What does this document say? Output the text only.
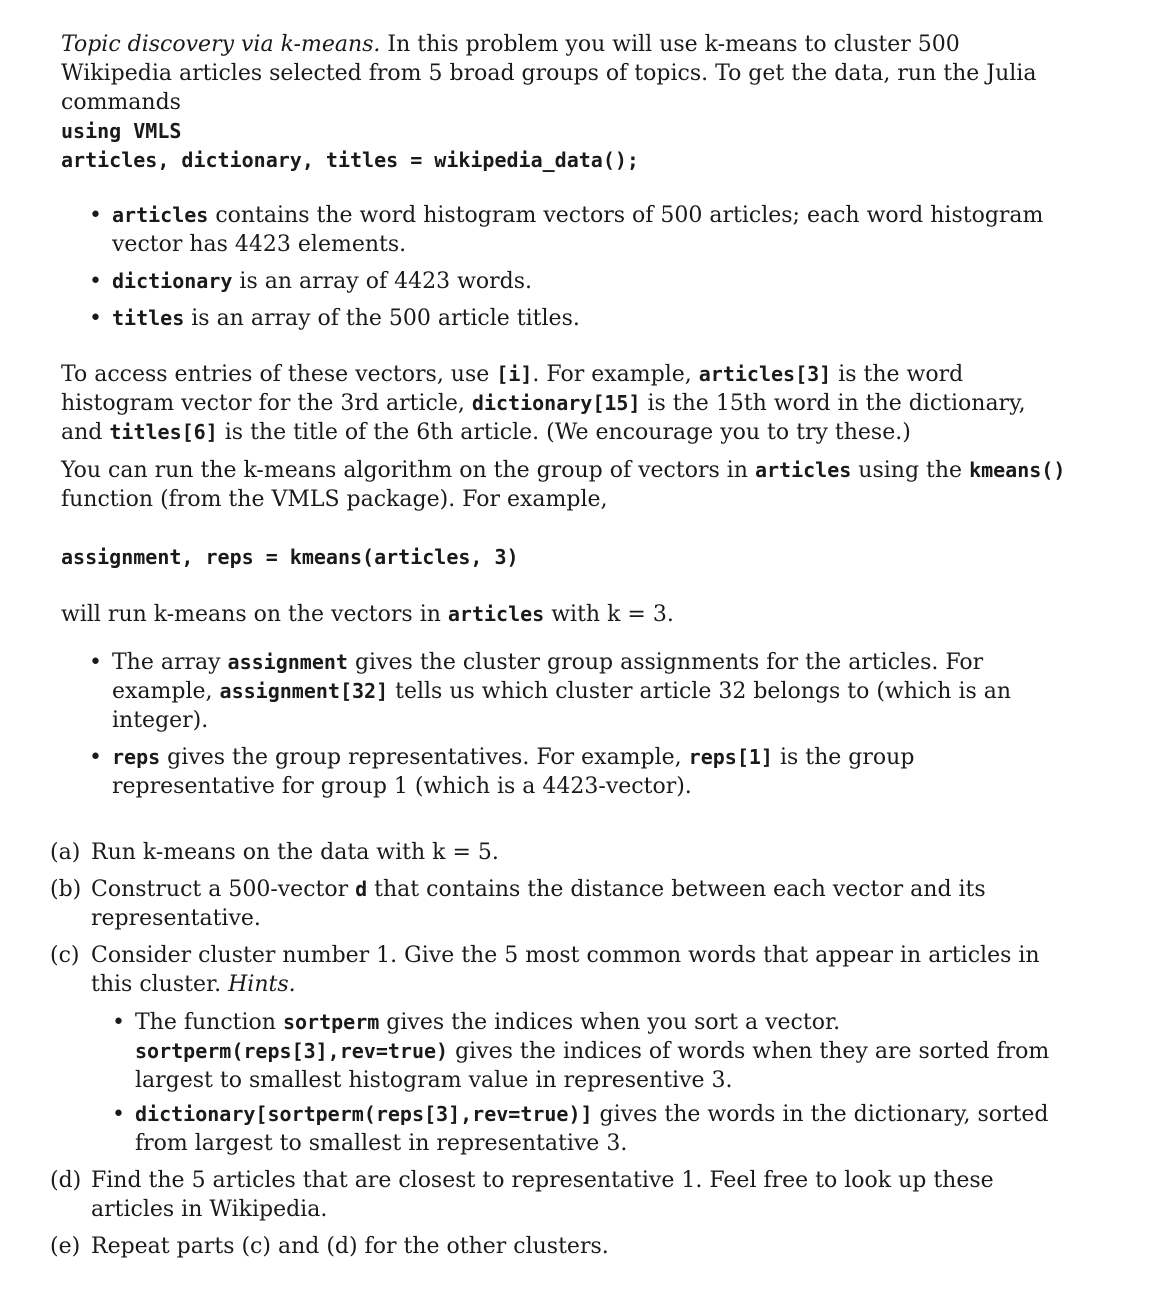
Topic discovery via k-means. In this problem you will use k-means to cluster 500 Wikipedia articles selected from 5 broad groups of topics. To get the data, run the Julia commands
using VMLS
articles, dictionary, titles = wikipedia_data();
• articles contains the word histogram vectors of 500 articles; each word histogram vector has 4423 elements.
• dictionary is an array of 4423 words.
• titles is an array of the 500 article titles.
To access entries of these vectors, use [i]. For example, articles[3] is the word histogram vector for the 3rd article, dictionary[15] is the 15th word in the dictionary, and titles[6] is the title of the 6th article. (We encourage you to try these.)
You can run the k-means algorithm on the group of vectors in articles using the kmeans() function (from the VMLS package). For example,
assignment, reps = kmeans(articles, 3)
will run k-means on the vectors in articles with k = 3.
• The array assignment gives the cluster group assignments for the articles. For example, assignment[32] tells us which cluster article 32 belongs to (which is an integer).
• reps gives the group representatives. For example, reps[1] is the group representative for group 1 (which is a 4423-vector).
(a) Run k-means on the data with k = 5.
(b) Construct a 500-vector d that contains the distance between each vector and its representative.
(c) Consider cluster number 1. Give the 5 most common words that appear in articles in this cluster. Hints.
• The function sortperm gives the indices when you sort a vector. sortperm(reps[3],rev=true) gives the indices of words when they are sorted from largest to smallest histogram value in representive 3.
• dictionary[sortperm(reps[3],rev=true)] gives the words in the dictionary, sorted from largest to smallest in representative 3.
(d) Find the 5 articles that are closest to representative 1. Feel free to look up these articles in Wikipedia.
(e) Repeat parts (c) and (d) for the other clusters.
